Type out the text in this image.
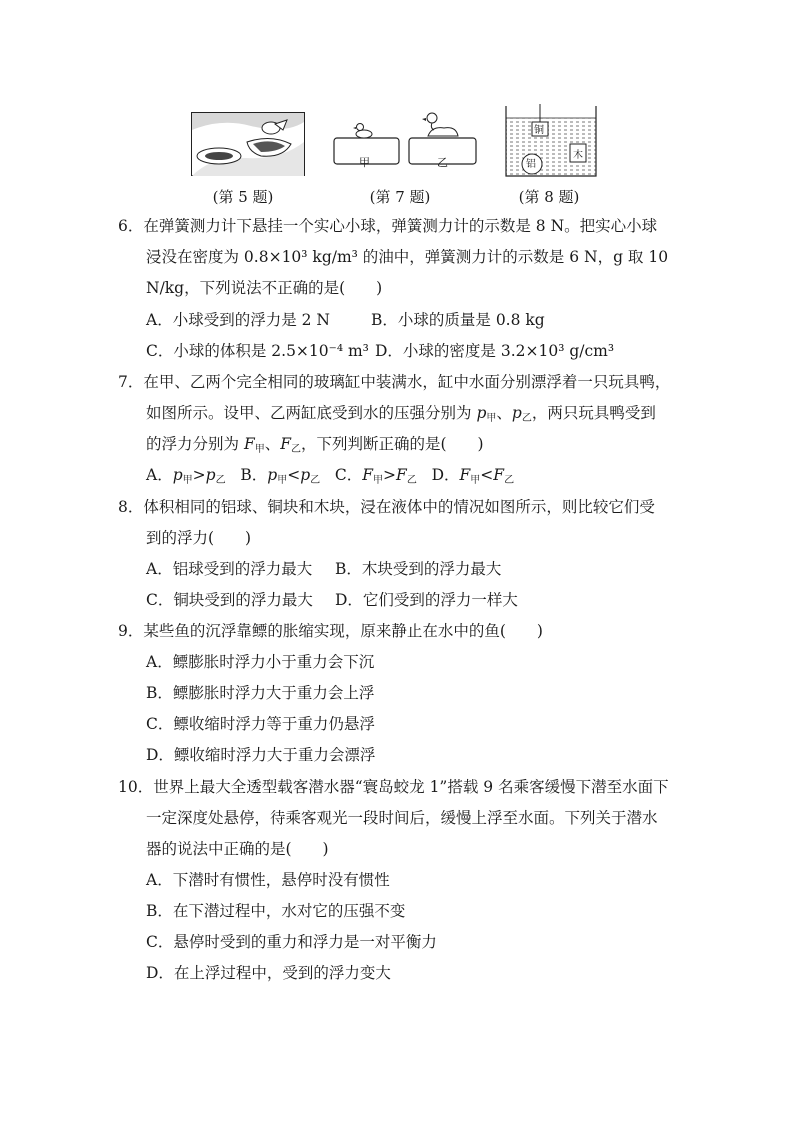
(第 5 题)
甲	乙
(第 7 题)
铜
木
铝
(第 8 题)
6．在弹簧测力计下悬挂一个实心小球，弹簧测力计的示数是 8 N。把实心小球
浸没在密度为 0.8×10³ kg/m³ 的油中，弹簧测力计的示数是 6 N，g 取 10
N/kg，下列说法不正确的是(　　)
A．小球受到的浮力是 2 N	B．小球的质量是 0.8 kg
C．小球的体积是 2.5×10⁻⁴ m³ D．小球的密度是 3.2×10³ g/cm³
7．在甲、乙两个完全相同的玻璃缸中装满水，缸中水面分别漂浮着一只玩具鸭，
如图所示。设甲、乙两缸底受到水的压强分别为 p甲、p乙，两只玩具鸭受到
的浮力分别为 F甲、F乙，下列判断正确的是(　　)
A．p甲>p乙 B．p甲<p乙 C．F甲>F乙 D．F甲<F乙
8．体积相同的铝球、铜块和木块，浸在液体中的情况如图所示，则比较它们受
到的浮力(　　)
A．铝球受到的浮力最大 B．木块受到的浮力最大
C．铜块受到的浮力最大 D．它们受到的浮力一样大
9．某些鱼的沉浮靠鳔的胀缩实现，原来静止在水中的鱼(　　)
A．鳔膨胀时浮力小于重力会下沉
B．鳔膨胀时浮力大于重力会上浮
C．鳔收缩时浮力等于重力仍悬浮
D．鳔收缩时浮力大于重力会漂浮
10．世界上最大全透型载客潜水器“寰岛蛟龙 1”搭载 9 名乘客缓慢下潜至水面下
一定深度处悬停，待乘客观光一段时间后，缓慢上浮至水面。下列关于潜水
器的说法中正确的是(　　)
A．下潜时有惯性，悬停时没有惯性
B．在下潜过程中，水对它的压强不变
C．悬停时受到的重力和浮力是一对平衡力
D．在上浮过程中，受到的浮力变大
